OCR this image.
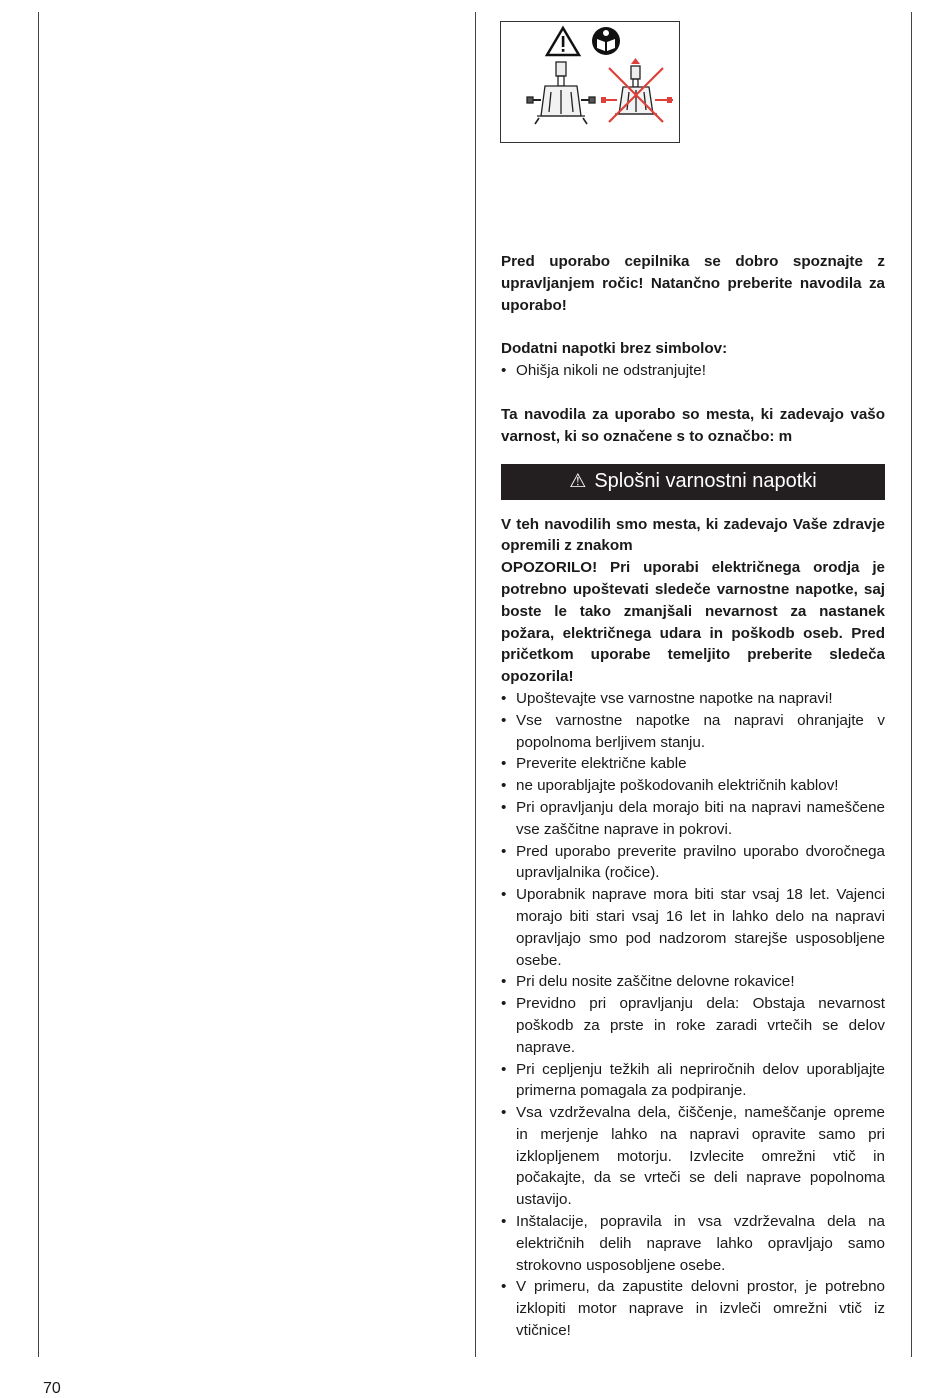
Pred uporabo cepilnika se dobro spoznajte z upravljanjem ročic! Natančno preberite navodila za uporabo!

Dodatni napotki brez simbolov:

• Ohišja nikoli ne odstranjujte!

Ta navodila za uporabo so mesta, ki zadevajo vašo varnost, ki so označene s to označbo: m

⚠ Splošni varnostni napotki

V teh navodilih smo mesta, ki zadevajo Vaše zdravje opremili z znakom

OPOZORILO! Pri uporabi električnega orodja je potrebno upoštevati sledeče varnostne napotke, saj boste le tako zmanjšali nevarnost za nastanek požara, električnega udara in poškodb oseb. Pred pričetkom uporabe temeljito preberite sledeča opozorila!

• Upoštevajte vse varnostne napotke na napravi!
• Vse varnostne napotke na napravi ohranjajte v popolnoma berljivem stanju.
• Preverite električne kable
• ne uporabljajte poškodovanih električnih kablov!
• Pri opravljanju dela morajo biti na napravi nameščene vse zaščitne naprave in pokrovi.
• Pred uporabo preverite pravilno uporabo dvoročnega upravljalnika (ročice).
• Uporabnik naprave mora biti star vsaj 18 let. Vajenci morajo biti stari vsaj 16 let in lahko delo na napravi opravljajo smo pod nadzorom starejše usposobljene osebe.
• Pri delu nosite zaščitne delovne rokavice!
• Previdno pri opravljanju dela: Obstaja nevarnost poškodb za prste in roke zaradi vrtečih se delov naprave.
• Pri cepljenju težkih ali nepriročnih delov uporabljajte primerna pomagala za podpiranje.
• Vsa vzdrževalna dela, čiščenje, nameščanje opreme in merjenje lahko na napravi opravite samo pri izklopljenem motorju. Izvlecite omrežni vtič in počakajte, da se vrteči se deli naprave popolnoma ustavijo.
• Inštalacije, popravila in vsa vzdrževalna dela na električnih delih naprave lahko opravljajo samo strokovno usposobljene osebe.
• V primeru, da zapustite delovni prostor, je potrebno izklopiti motor naprave in izvleči omrežni vtič iz vtičnice!
70
